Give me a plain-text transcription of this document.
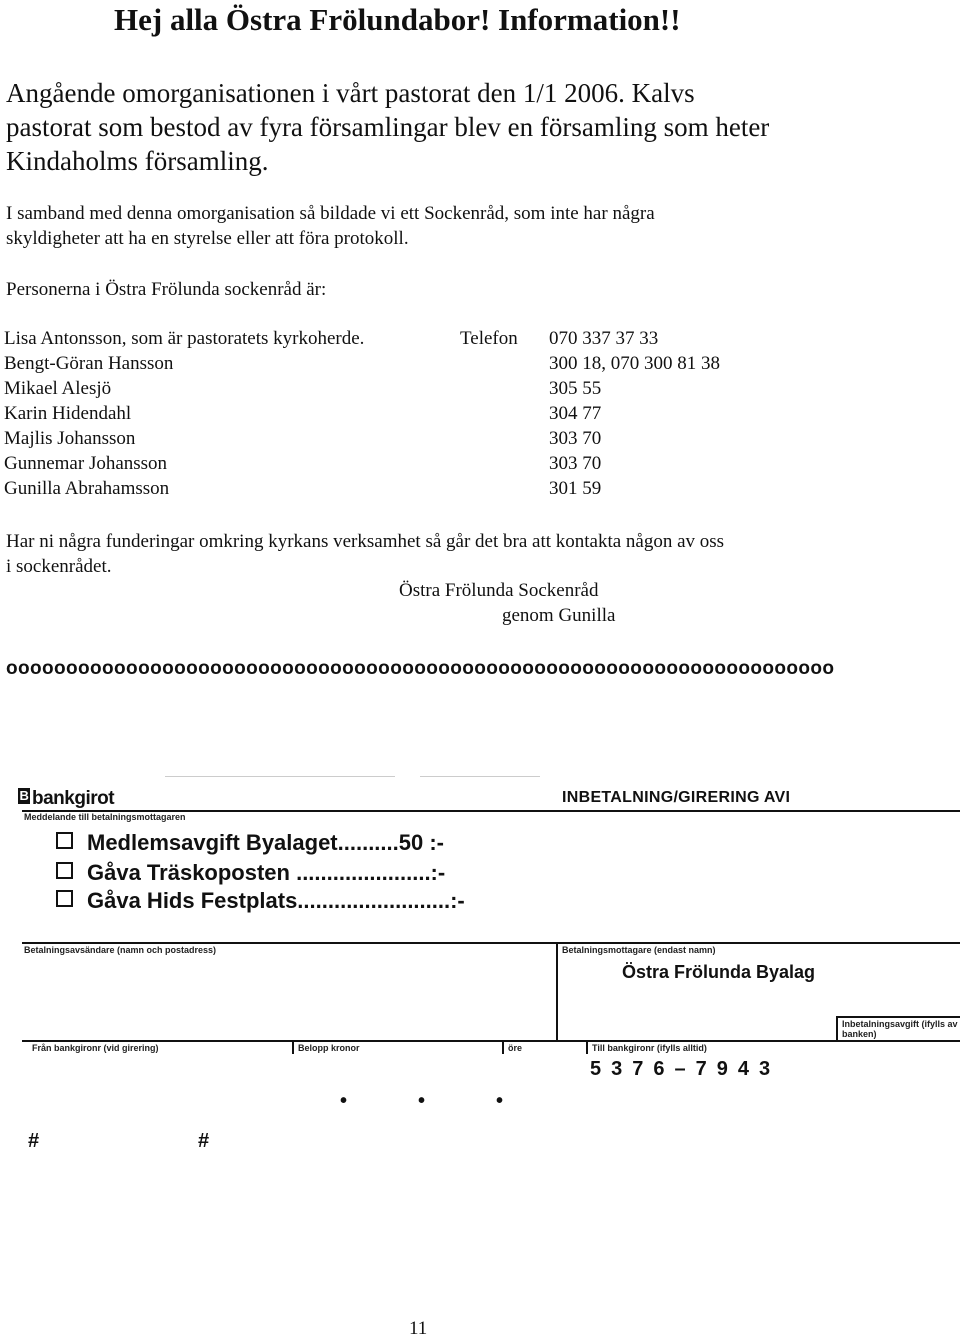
Hej alla Östra Frölundabor! Information!!
Angående omorganisationen i vårt pastorat den 1/1 2006. Kalvs
pastorat som bestod av fyra församlingar blev en församling som heter
Kindaholms församling.
I samband med denna omorganisation så bildade vi ett Sockenråd, som inte har några
skyldigheter att ha en styrelse eller att föra protokoll.
Personerna i Östra Frölunda sockenråd är:
Lisa Antonsson, som är pastoratets kyrkoherde.	Telefon 070 337 37 33
Bengt-Göran Hansson	300 18, 070 300 81 38
Mikael Alesjö	305 55
Karin Hidendahl	304 77
Majlis Johansson	303 70
Gunnemar Johansson	303 70
Gunilla Abrahamsson	301 59
Har ni några funderingar omkring kyrkans verksamhet så går det bra att kontakta någon av oss
i sockenrådet.
Östra Frölunda Sockenråd
genom Gunilla
ooooooooooooooooooooooooooooooooooooooooooooooooooooooooooooooooooooo
B bankgirot	INBETALNING/GIRERING AVI
Meddelande till betalningsmottagaren
Medlemsavgift Byalaget..........50 :-
Gåva Träskoposten ......................:-
Gåva Hids Festplats.........................:-
Betalningsavsändare (namn och postadress)	Betalningsmottagare (endast namn)
Östra Frölunda Byalag
Inbetalningsavgift (ifylls av banken)
Från bankgironr (vid girering)	Belopp kronor	öre	Till bankgironr (ifylls alltid)
5376–7943
•	•	•
#	#
11
